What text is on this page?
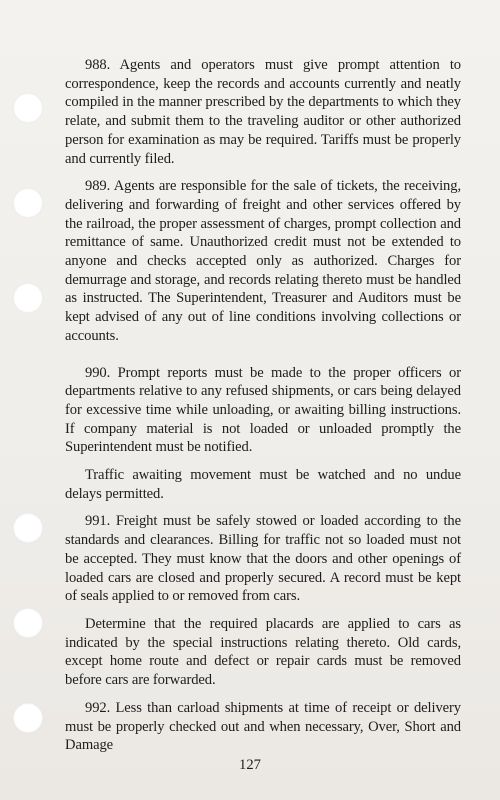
988. Agents and operators must give prompt attention to correspondence, keep the records and accounts currently and neatly compiled in the manner prescribed by the departments to which they relate, and submit them to the traveling auditor or other authorized person for examination as may be required. Tariffs must be properly and currently filed.

989. Agents are responsible for the sale of tickets, the receiving, delivering and forwarding of freight and other services offered by the railroad, the proper assessment of charges, prompt collection and remittance of same. Unauthorized credit must not be extended to anyone and checks accepted only as authorized. Charges for demurrage and storage, and records relating thereto must be handled as instructed. The Superintendent, Treasurer and Auditors must be kept advised of any out of line conditions involving collections or accounts.

990. Prompt reports must be made to the proper officers or departments relative to any refused shipments, or cars being delayed for excessive time while unloading, or awaiting billing instructions. If company material is not loaded or unloaded promptly the Superintendent must be notified.

Traffic awaiting movement must be watched and no undue delays permitted.

991. Freight must be safely stowed or loaded according to the standards and clearances. Billing for traffic not so loaded must not be accepted. They must know that the doors and other openings of loaded cars are closed and properly secured. A record must be kept of seals applied to or removed from cars.

Determine that the required placards are applied to cars as indicated by the special instructions relating thereto. Old cards, except home route and defect or repair cards must be removed before cars are forwarded.

992. Less than carload shipments at time of receipt or delivery must be properly checked out and when necessary, Over, Short and Damage

127
